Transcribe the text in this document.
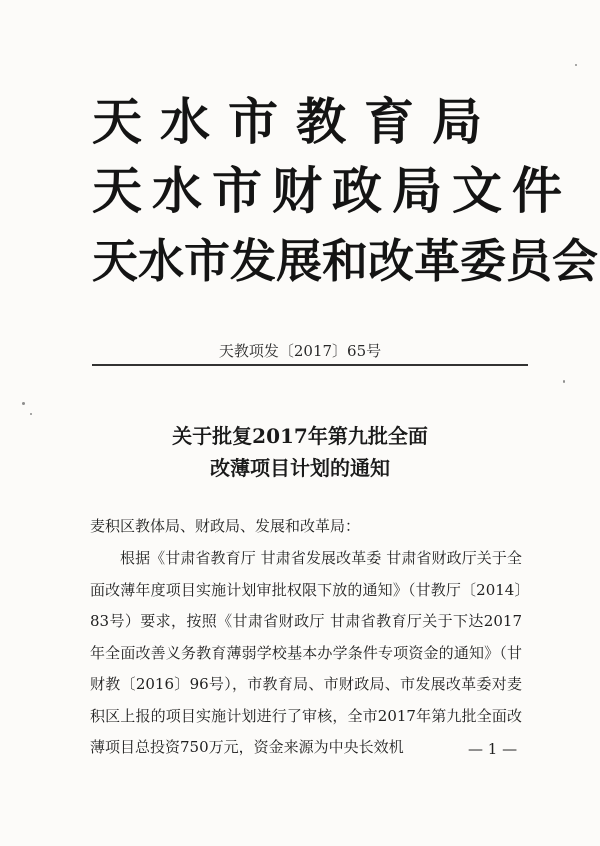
天水市教育局
天水市财政局文件
天水市发展和改革委员会
天教项发〔2017〕65号
关于批复2017年第九批全面
改薄项目计划的通知
麦积区教体局、财政局、发展和改革局：
根据《甘肃省教育厅 甘肃省发展改革委 甘肃省财政厅关于全面改薄年度项目实施计划审批权限下放的通知》（甘教厅〔2014〕83号）要求，按照《甘肃省财政厅 甘肃省教育厅关于下达2017年全面改善义务教育薄弱学校基本办学条件专项资金的通知》（甘财教〔2016〕96号），市教育局、市财政局、市发展改革委对麦积区上报的项目实施计划进行了审核，全市2017年第九批全面改薄项目总投资750万元，资金来源为中央长效机	— 1 —
